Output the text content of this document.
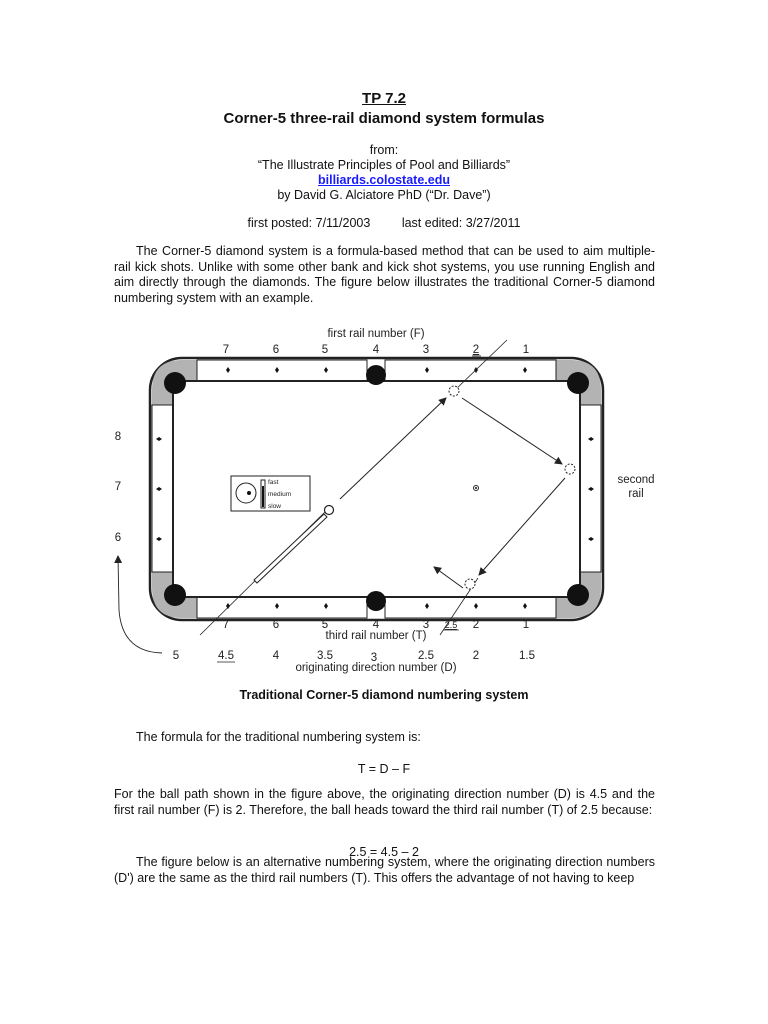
TP 7.2
Corner-5 three-rail diamond system formulas
from:
“The Illustrate Principles of Pool and Billiards”
billiards.colostate.edu
by David G. Alciatore PhD (“Dr. Dave”)
first posted: 7/11/2003	last edited: 3/27/2011

The Corner-5 diamond system is a formula-based method that can be used to aim multiple-rail kick shots. Unlike with some other bank and kick shot systems, you use running English and aim directly through the diamonds. The figure below illustrates the traditional Corner-5 diamond numbering system with an example.

fast
medium
slow
first rail number (F)
7	6	5	4	3	2	1
8
7
6
second
rail
7	6	5	4	3 2.5 2	1
third rail number (T)
5	4.5	4	3.5	3	2.5	2	1.5
originating direction number (D)
Traditional Corner-5 diamond numbering system
The formula for the traditional numbering system is:
T = D – F

For the ball path shown in the figure above, the originating direction number (D) is 4.5 and the first rail number (F) is 2. Therefore, the ball heads toward the third rail number (T) of 2.5 because:

2.5 = 4.5 – 2

The figure below is an alternative numbering system, where the originating direction numbers (D') are the same as the third rail numbers (T). This offers the advantage of not having to keep
